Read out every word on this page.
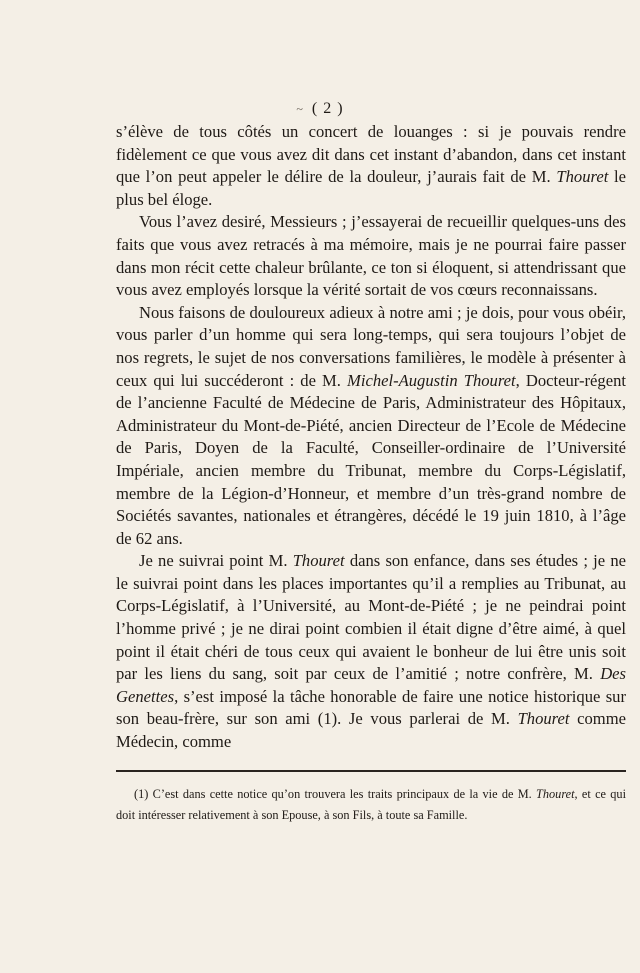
~ ( 2 )

s’élève de tous côtés un concert de louanges : si je pouvais rendre fidèlement ce que vous avez dit dans cet instant d’abandon, dans cet instant que l’on peut appeler le délire de la douleur, j’aurais fait de M. Thouret le plus bel éloge.

Vous l’avez desiré, Messieurs ; j’essayerai de recueillir quelques-uns des faits que vous avez retracés à ma mémoire, mais je ne pourrai faire passer dans mon récit cette chaleur brûlante, ce ton si éloquent, si attendrissant que vous avez employés lorsque la vérité sortait de vos cœurs reconnaissans.

Nous faisons de douloureux adieux à notre ami ; je dois, pour vous obéir, vous parler d’un homme qui sera long-temps, qui sera toujours l’objet de nos regrets, le sujet de nos conversations familières, le modèle à présenter à ceux qui lui succéderont : de M. Michel-Augustin Thouret, Docteur-régent de l’ancienne Faculté de Médecine de Paris, Administrateur des Hôpitaux, Administrateur du Mont-de-Piété, ancien Directeur de l’Ecole de Médecine de Paris, Doyen de la Faculté, Conseiller-ordinaire de l’Université Impériale, ancien membre du Tribunat, membre du Corps-Législatif, membre de la Légion-d’Honneur, et membre d’un très-grand nombre de Sociétés savantes, nationales et étrangères, décédé le 19 juin 1810, à l’âge de 62 ans.

Je ne suivrai point M. Thouret dans son enfance, dans ses études ; je ne le suivrai point dans les places importantes qu’il a remplies au Tribunat, au Corps-Législatif, à l’Université, au Mont-de-Piété ; je ne peindrai point l’homme privé ; je ne dirai point combien il était digne d’être aimé, à quel point il était chéri de tous ceux qui avaient le bonheur de lui être unis soit par les liens du sang, soit par ceux de l’amitié ; notre confrère, M. Des Genettes, s’est imposé la tâche honorable de faire une notice historique sur son beau-frère, sur son ami (1). Je vous parlerai de M. Thouret comme Médecin, comme

(1) C’est dans cette notice qu’on trouvera les traits principaux de la vie de M. Thouret, et ce qui doit intéresser relativement à son Epouse, à son Fils, à toute sa Famille.
